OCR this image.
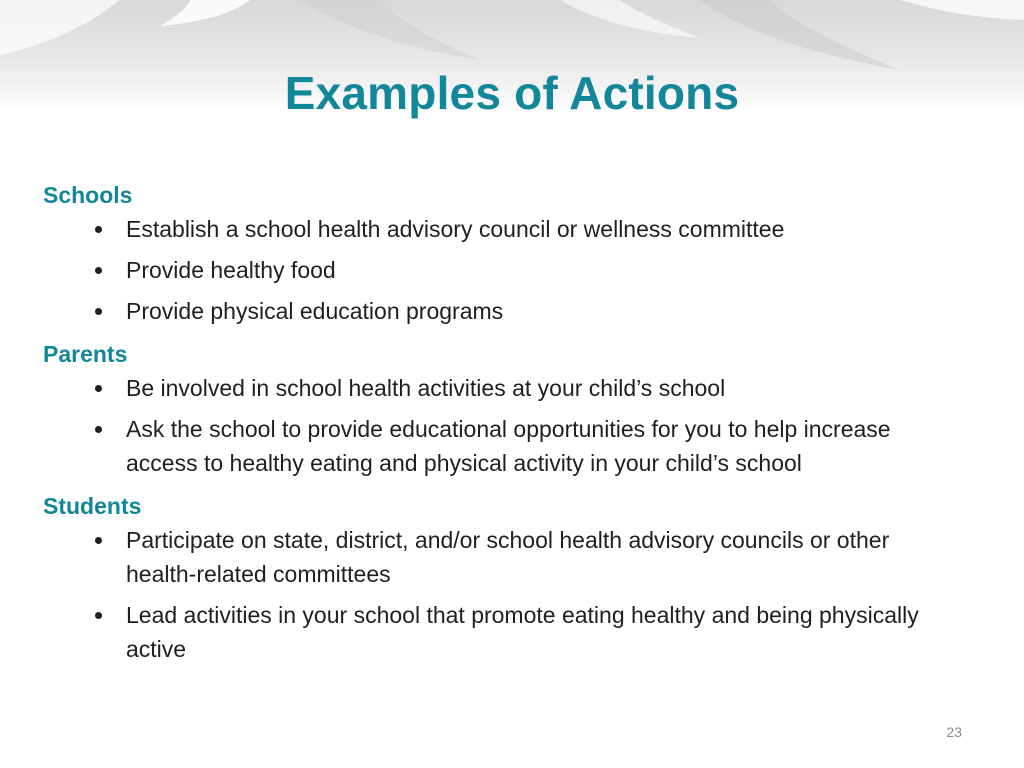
Examples of Actions
Schools
Establish a school health advisory council or wellness committee
Provide healthy food
Provide physical education programs
Parents
Be involved in school health activities at your child’s school
Ask the school to provide educational opportunities for you to help increase access to healthy eating and physical activity in your child’s school
Students
Participate on state, district, and/or school health advisory councils or other health-related committees
Lead activities in your school that promote eating healthy and being physically active
23
